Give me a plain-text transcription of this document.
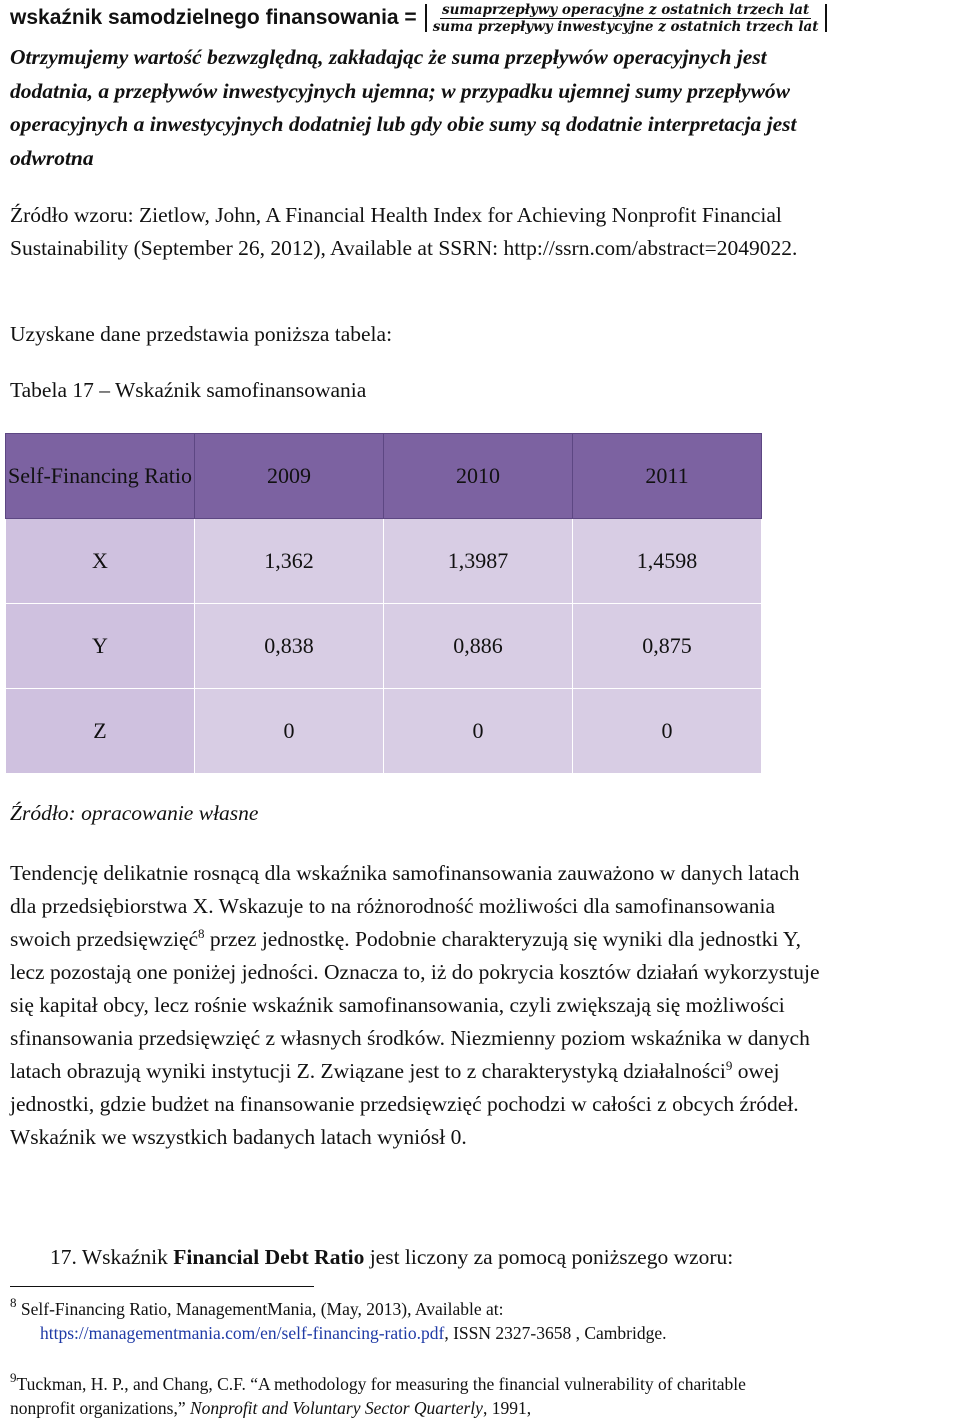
wskaźnik samodzielnego finansowania = $\frac{\text{sumaprzepływy operacyjne z ostatnich trzech lat}}{\text{suma przepływy inwestycyjne z ostatnich trzech lat}}$
Otrzymujemy wartość bezwzględną, zakładając że suma przepływów operacyjnych jest
dodatnia, a przepływów inwestycyjnych ujemna; w przypadku ujemnej sumy przepływów
operacyjnych a inwestycyjnych dodatniej lub gdy obie sumy są dodatnie interpretacja jest
odwrotna
Źródło wzoru: Zietlow, John, A Financial Health Index for Achieving Nonprofit Financial
Sustainability (September 26, 2012), Available at SSRN: http://ssrn.com/abstract=2049022.
Uzyskane dane przedstawia poniższa tabela:
Tabela 17 – Wskaźnik samofinansowania
Self-Financing Ratio	2009	2010	2011
X	1,362	1,3987	1,4598
Y	0,838	0,886	0,875
Z	0	0	0
Źródło: opracowanie własne
Tendencję delikatnie rosnącą dla wskaźnika samofinansowania zauważono w danych latach
dla przedsiębiorstwa X. Wskazuje to na różnorodność możliwości dla samofinansowania
swoich przedsięwzięć$^8$ przez jednostkę. Podobnie charakteryzują się wyniki dla jednostki Y,
lecz pozostają one poniżej jedności. Oznacza to, iż do pokrycia kosztów działań wykorzystuje
się kapitał obcy, lecz rośnie wskaźnik samofinansowania, czyli zwiększają się możliwości
sfinansowania przedsięwzięć z własnych środków. Niezmienny poziom wskaźnika w danych
latach obrazują wyniki instytucji Z. Związane jest to z charakterystyką działalności$^9$ owej
jednostki, gdzie budżet na finansowanie przedsięwzięć pochodzi w całości z obcych źródeł.
Wskaźnik we wszystkich badanych latach wyniósł 0.
17. Wskaźnik Financial Debt Ratio jest liczony za pomocą poniższego wzoru:
$^8$ Self-Financing Ratio, ManagementMania, (May, 2013), Available at:
https://managementmania.com/en/self-financing-ratio.pdf, ISSN 2327-3658 , Cambridge.
$^9$Tuckman, H. P., and Chang, C.F. “A methodology for measuring the financial vulnerability of charitable
nonprofit organizations,” Nonprofit and Voluntary Sector Quarterly, 1991,
